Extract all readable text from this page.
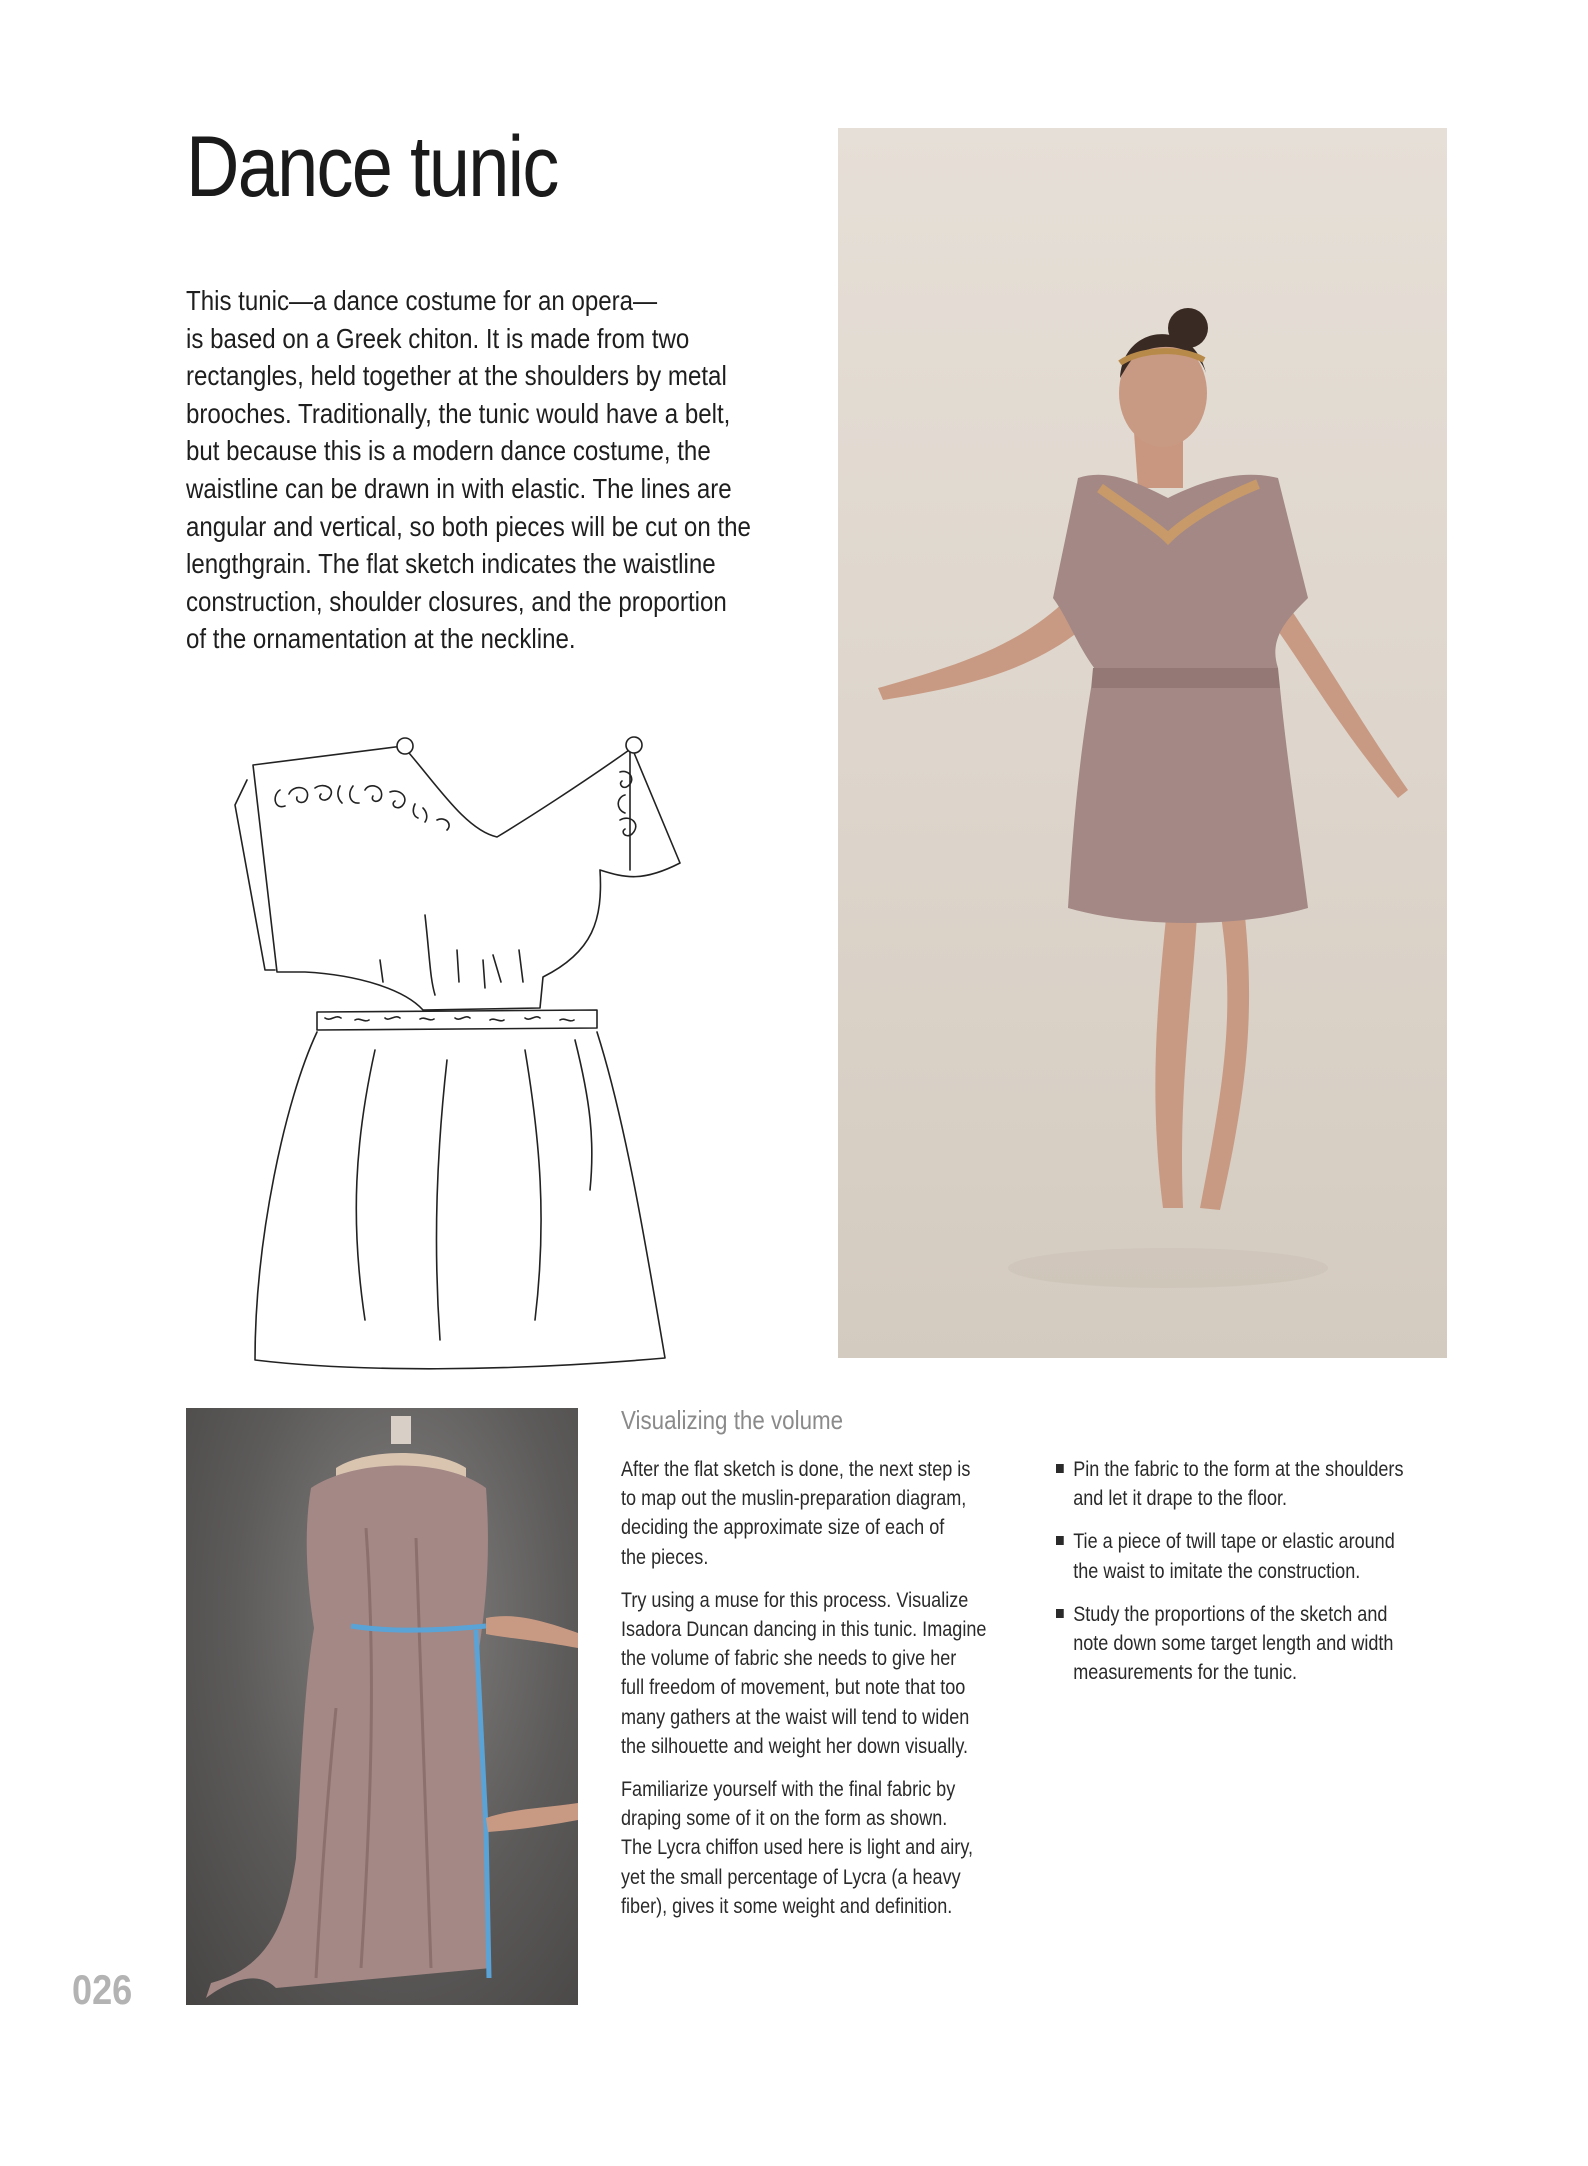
Dance tunic
This tunic—a dance costume for an opera—
is based on a Greek chiton. It is made from two
rectangles, held together at the shoulders by metal
brooches. Traditionally, the tunic would have a belt,
but because this is a modern dance costume, the
waistline can be drawn in with elastic. The lines are
angular and vertical, so both pieces will be cut on the
lengthgrain. The flat sketch indicates the waistline
construction, shoulder closures, and the proportion
of the ornamentation at the neckline.
Visualizing the volume

After the flat sketch is done, the next step is
to map out the muslin-preparation diagram,
deciding the approximate size of each of
the pieces.

Try using a muse for this process. Visualize
Isadora Duncan dancing in this tunic. Imagine
the volume of fabric she needs to give her
full freedom of movement, but note that too
many gathers at the waist will tend to widen
the silhouette and weight her down visually.

Familiarize yourself with the final fabric by
draping some of it on the form as shown.
The Lycra chiffon used here is light and airy,
yet the small percentage of Lycra (a heavy
fiber), gives it some weight and definition.

Pin the fabric to the form at the shoulders
and let it drape to the floor.
Tie a piece of twill tape or elastic around
the waist to imitate the construction.
Study the proportions of the sketch and
note down some target length and width
measurements for the tunic.
026
